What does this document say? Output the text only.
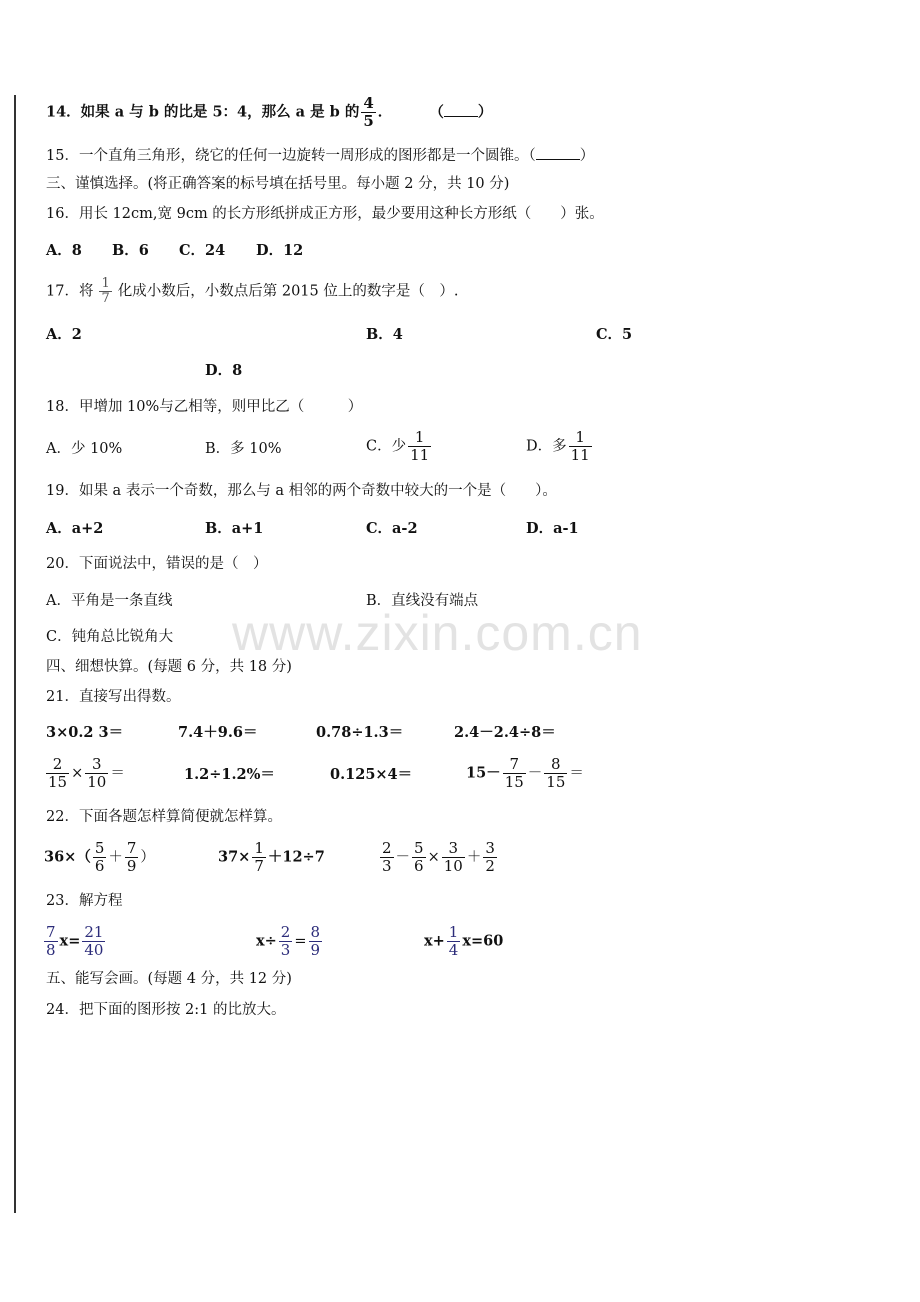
www.zixin.com.cn
14．如果 a 与 b 的比是 5：4，那么 a 是 b 的 $\frac{4}{5}$ ．	（ ）
15．一个直角三角形，绕它的任何一边旋转一周形成的图形都是一个圆锥。（	）
三、谨慎选择。(将正确答案的标号填在括号里。每小题 2 分，共 10 分)
16．用长 12cm,宽 9cm 的长方形纸拼成正方形，最少要用这种长方形纸（　　）张。
A．8 B．6 C．24 D．12
17．将 $\frac{1}{7}$ 化成小数后，小数点后第 2015 位上的数字是（　）.
A．2	B．4	C．5
D．8
18．甲增加 10%与乙相等，则甲比乙（　　　）
A．少 10%	B．多 10%	C．少 $\frac{1}{11}$	D．多 $\frac{1}{11}$
19．如果 a 表示一个奇数，那么与 a 相邻的两个奇数中较大的一个是（　　）。
A．a+2	B．a+1	C．a-2	D．a-1
20．下面说法中，错误的是（　）
A．平角是一条直线	B．直线没有端点
C．钝角总比锐角大
四、细想快算。(每题 6 分，共 18 分)
21．直接写出得数。
3×0.2 3＝	7.4＋9.6＝	0.78÷1.3＝	2.4－2.4÷8＝
$\frac{2}{15} \times \frac{3}{10}$ ＝	1.2÷1.2%＝	0.125×4＝	$15- \frac{7}{15} - \frac{8}{15}$ ＝
22．下面各题怎样算简便就怎样算。
$36\times( \frac{5}{6} + \frac{7}{9}$ ）	$37\times \frac{1}{7} +12\div 7$	$\frac{2}{3} - \frac{5}{6} \times \frac{3}{10} + \frac{3}{2}$
23．解方程
$\frac{7}{8} x= \frac{21}{40}$	$x\div \frac{2}{3} = \frac{8}{9}$	$x+ \frac{1}{4} x=60$
五、能写会画。(每题 4 分，共 12 分)
24．把下面的图形按 2:1 的比放大。
